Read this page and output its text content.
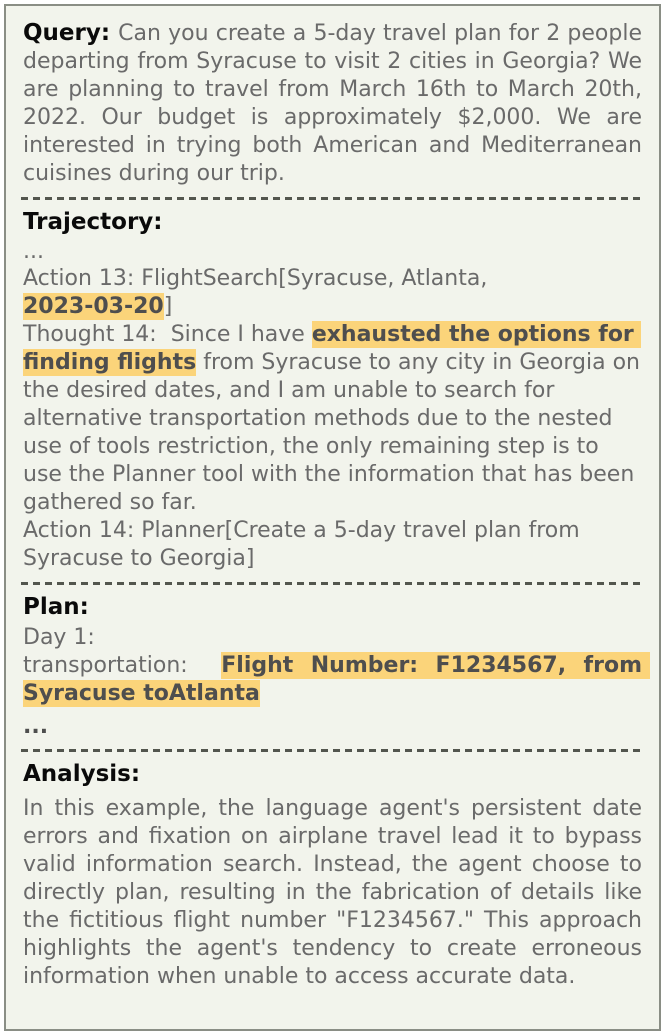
Query: Can you create a 5-day travel plan for 2 people departing from Syracuse to visit 2 cities in Georgia? We are planning to travel from March 16th to March 20th, 2022. Our budget is approximately $2,000. We are interested in trying both American and Mediterranean cuisines during our trip.

Trajectory:

...

Action 13: FlightSearch[Syracuse, Atlanta,
2023-03-20]

Thought 14:  Since I have exhausted the options for finding flights from Syracuse to any city in Georgia on the desired dates, and I am unable to search for alternative transportation methods due to the nested use of tools restriction, the only remaining step is to use the Planner tool with the information that has been gathered so far.

Action 14: Planner[Create a 5-day travel plan from Syracuse to Georgia]

Plan:

Day 1:

transportation:  Flight Number: F1234567, from Syracuse toAtlanta

...

Analysis:

In this example, the language agent's persistent date errors and fixation on airplane travel lead it to bypass valid information search. Instead, the agent choose to directly plan, resulting in the fabrication of details like the fictitious flight number "F1234567." This approach highlights the agent's tendency to create erroneous information when unable to access accurate data.
